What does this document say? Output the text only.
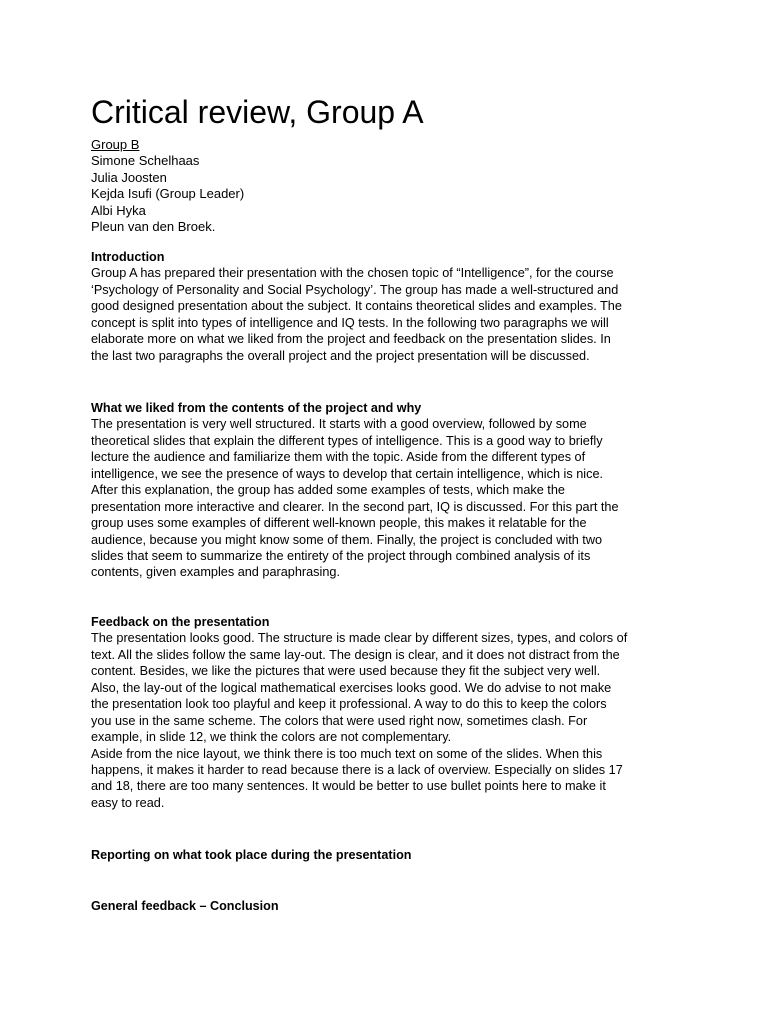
Critical review, Group A
Group B
Simone Schelhaas
Julia Joosten
Kejda Isufi (Group Leader)
Albi Hyka
Pleun van den Broek.
Introduction

Group A has prepared their presentation with the chosen topic of “Intelligence”, for the course
‘Psychology of Personality and Social Psychology’. The group has made a well-structured and
good designed presentation about the subject. It contains theoretical slides and examples. The
concept is split into types of intelligence and IQ tests. In the following two paragraphs we will
elaborate more on what we liked from the project and feedback on the presentation slides. In
the last two paragraphs the overall project and the project presentation will be discussed.

What we liked from the contents of the project and why

The presentation is very well structured. It starts with a good overview, followed by some
theoretical slides that explain the different types of intelligence. This is a good way to briefly
lecture the audience and familiarize them with the topic. Aside from the different types of
intelligence, we see the presence of ways to develop that certain intelligence, which is nice.
After this explanation, the group has added some examples of tests, which make the
presentation more interactive and clearer. In the second part, IQ is discussed. For this part the
group uses some examples of different well-known people, this makes it relatable for the
audience, because you might know some of them. Finally, the project is concluded with two
slides that seem to summarize the entirety of the project through combined analysis of its
contents, given examples and paraphrasing.

Feedback on the presentation

The presentation looks good. The structure is made clear by different sizes, types, and colors of
text. All the slides follow the same lay-out. The design is clear, and it does not distract from the
content. Besides, we like the pictures that were used because they fit the subject very well.
Also, the lay-out of the logical mathematical exercises looks good. We do advise to not make
the presentation look too playful and keep it professional. A way to do this to keep the colors
you use in the same scheme. The colors that were used right now, sometimes clash. For
example, in slide 12, we think the colors are not complementary.
Aside from the nice layout, we think there is too much text on some of the slides. When this
happens, it makes it harder to read because there is a lack of overview. Especially on slides 17
and 18, there are too many sentences. It would be better to use bullet points here to make it
easy to read.

Reporting on what took place during the presentation
General feedback – Conclusion
